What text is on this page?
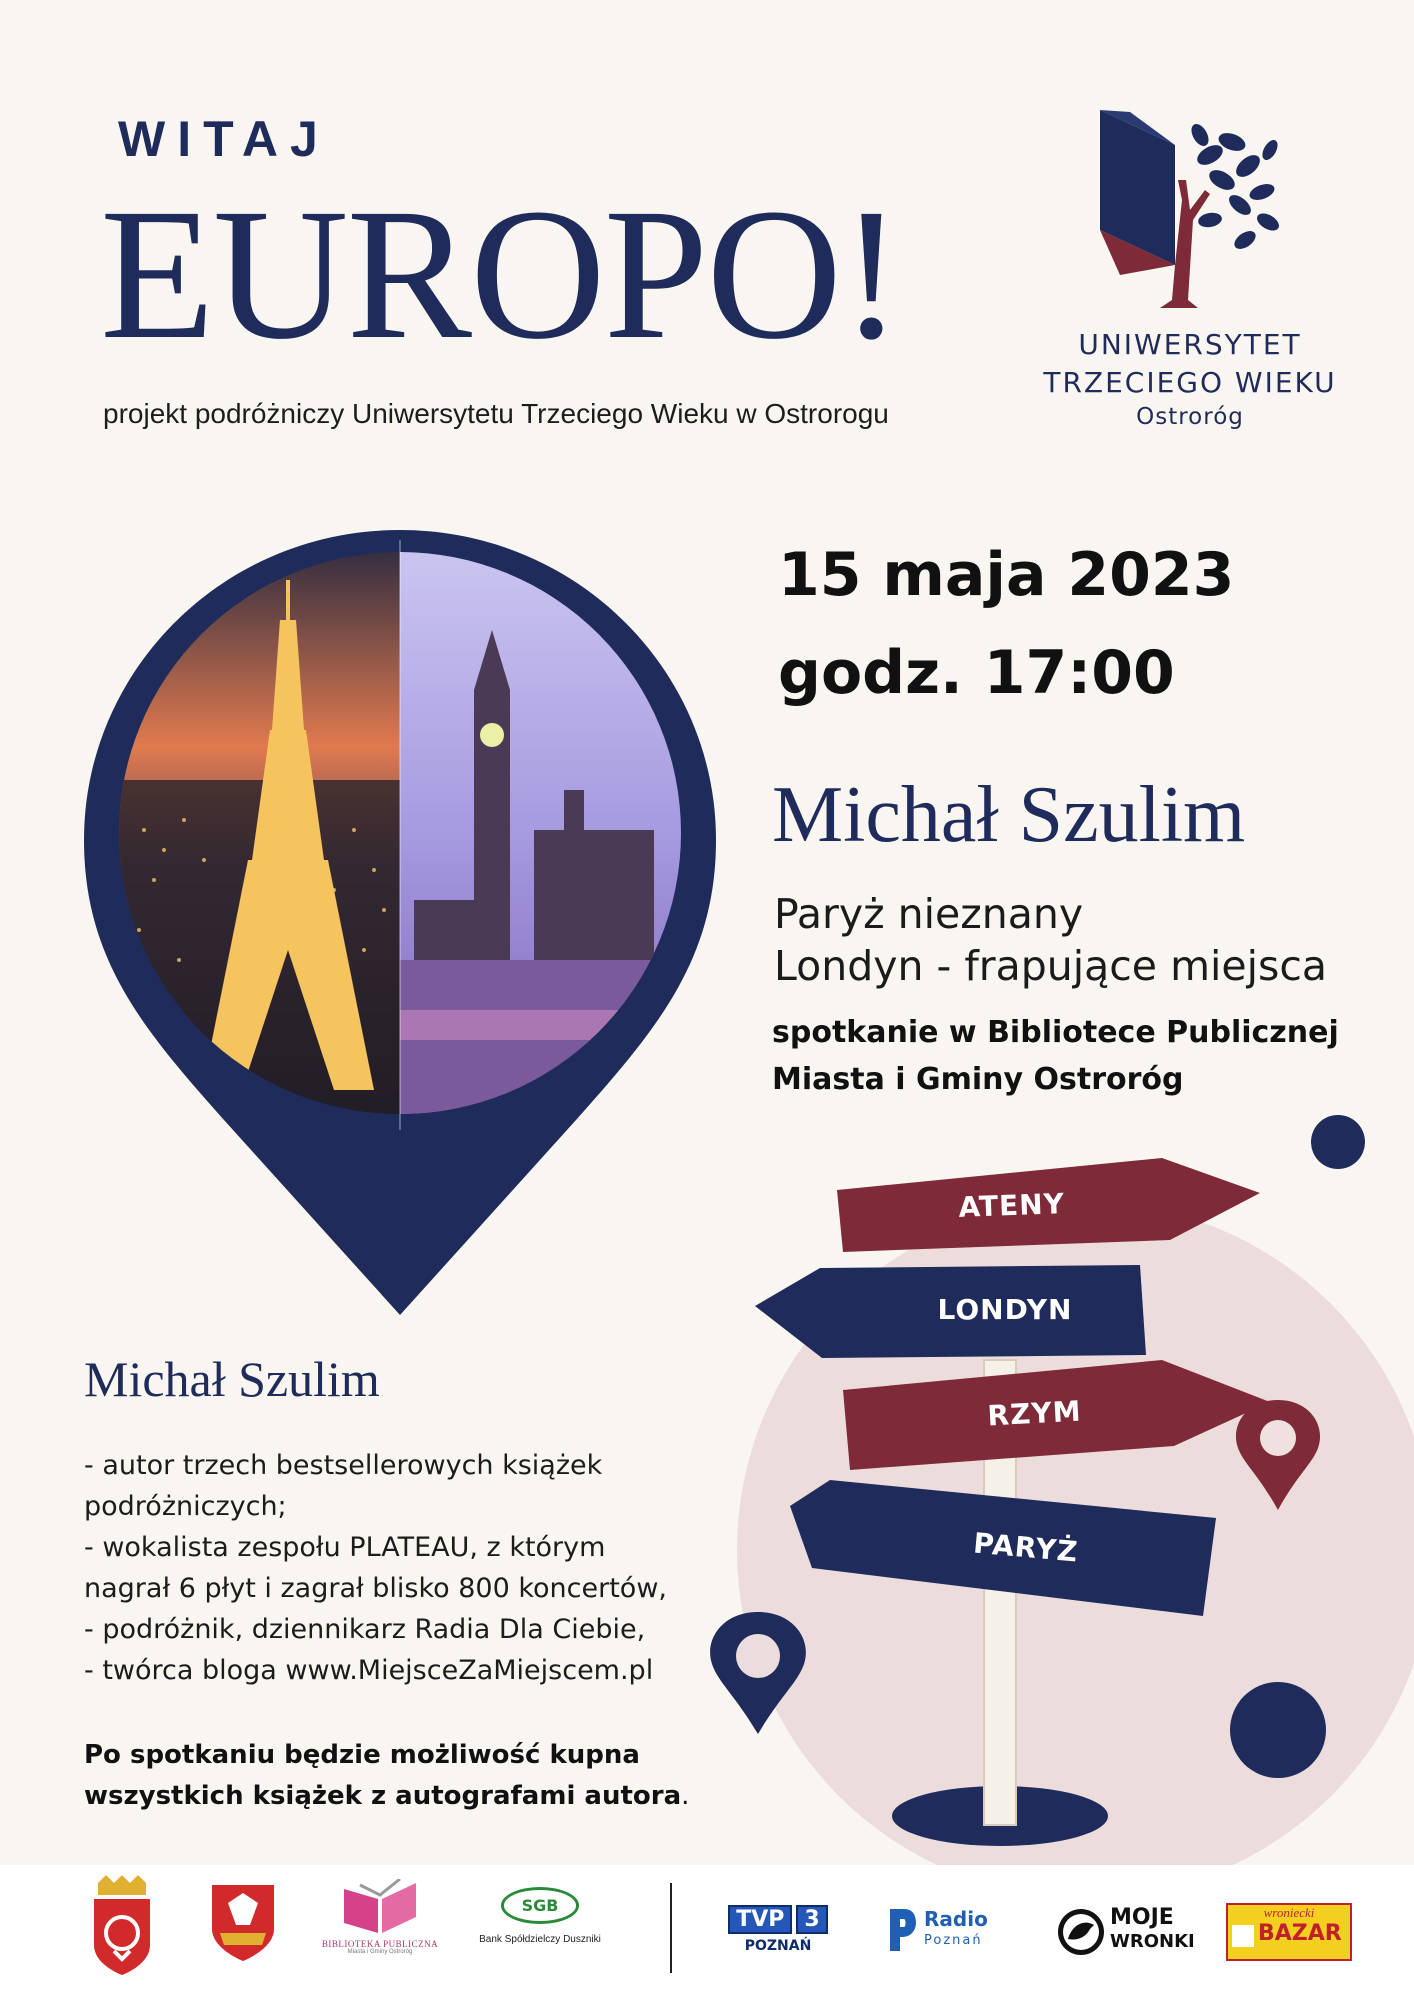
WITAJ
EUROPO!
projekt podróżniczy Uniwersytetu Trzeciego Wieku w Ostrorogu
UNIWERSYTET
TRZECIEGO WIEKU
Ostroróg
15 maja 2023
godz. 17:00
Michał Szulim
Paryż nieznany
Londyn - frapujące miejsca
spotkanie w Bibliotece Publicznej
Miasta i Gminy Ostroróg
ATENY
LONDYN
RZYM
PARYŻ
Michał Szulim
- autor trzech bestsellerowych książek
podróżniczych;
- wokalista zespołu PLATEAU, z którym
nagrał 6 płyt i zagrał blisko 800 koncertów,
- podróżnik, dziennikarz Radia Dla Ciebie,
- twórca bloga www.MiejsceZaMiejscem.pl
Po spotkaniu będzie możliwość kupna
wszystkich książek z autografami autora.
BIBLIOTEKA PUBLICZNA
Miasta i Gminy Ostroróg
SGB
Bank Spółdzielczy Duszniki
TVP 3
POZNAŃ
Radio
Poznań
MOJE
WRONKI
wroniecki
BAZAR
